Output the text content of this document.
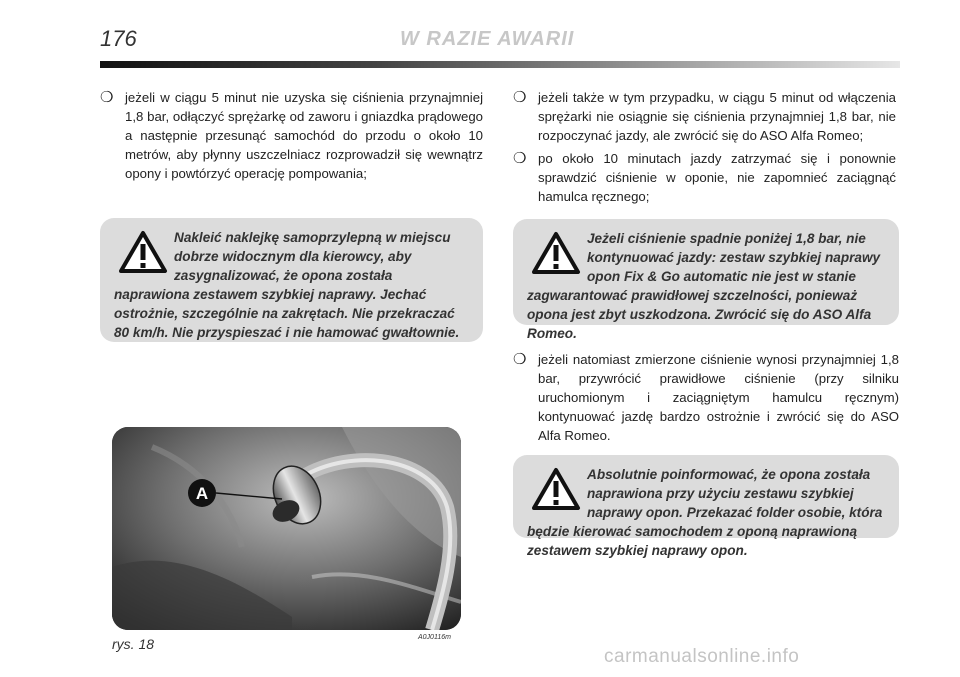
176	W RAZIE AWARII
❍ jeżeli w ciągu 5 minut nie uzyska się ciśnienia przynajmniej 1,8 bar, odłączyć sprężarkę od zaworu i gniazdka prądowego a następnie przesunąć samochód do przodu o około 10 metrów, aby płynny uszczelniacz rozprowadził się wewnątrz opony i powtórzyć operację pompowania;

Naklеić naklejkę samoprzylepną w miejscu dobrze widocznym dla kierowcy, aby zasygnalizować, że opona została naprawiona zestawem szybkiej naprawy. Jechać ostrożnie, szczególnie na zakrętach. Nie przekraczać 80 km/h. Nie przyspieszać i nie hamować gwałtownie.

A
A0J0116m
rys. 18
❍ jeżeli także w tym przypadku, w ciągu 5 minut od włączenia sprężarki nie osiągnie się ciśnienia przynajmniej 1,8 bar, nie rozpoczynać jazdy, ale zwrócić się do ASO Alfa Romeo;
❍ po około 10 minutach jazdy zatrzymać się i ponownie sprawdzić ciśnienie w oponie, nie zapomnieć zaciągnąć hamulca ręcznego;

Jeżeli ciśnienie spadnie poniżej 1,8 bar, nie kontynuować jazdy: zestaw szybkiej naprawy opon Fix & Go automatic nie jest w stanie zagwarantować prawidłowej szczelności, ponieważ opona jest zbyt uszkodzona. Zwrócić się do ASO Alfa Romeo.

❍ jeżeli natomiast zmierzone ciśnienie wynosi przynajmniej 1,8 bar, przywrócić prawidłowe ciśnienie (przy silniku uruchomionym i zaciągniętym hamulcu ręcznym) kontynuować jazdę bardzo ostrożnie i zwrócić się do ASO Alfa Romeo.

Absolutnie poinformować, że opona została naprawiona przy użyciu zestawu szybkiej naprawy opon. Przekazać folder osobie, która będzie kierować samochodem z oponą naprawioną zestawem szybkiej naprawy opon.

carmanualsonline.info
